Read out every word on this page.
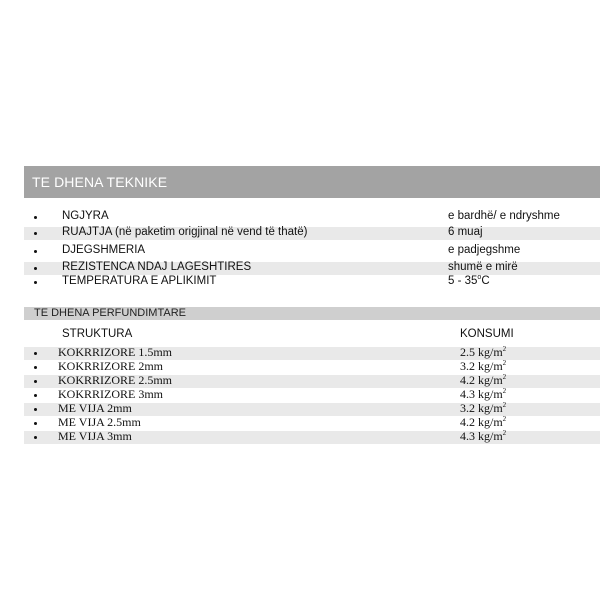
TE DHENA TEKNIKE
NGJYRA	e bardhë/ e ndryshme
RUAJTJA (në paketim origjinal në vend të thatë)	6 muaj
DJEGSHMERIA	e padjegshme
REZISTENCA NDAJ LAGESHTIRES	shumë e mirë
TEMPERATURA E APLIKIMIT	5 - 35$^o$C
TE DHENA PERFUNDIMTARE
STRUKTURA	KONSUMI
KOKRRIZORE 1.5mm	2.5 $kg/m^2$
KOKRRIZORE 2mm	3.2 $kg/m^2$
KOKRRIZORE 2.5mm	4.2 $kg/m^2$
KOKRRIZORE 3mm	4.3 $kg/m^2$
ME VIJA 2mm	3.2 $kg/m^2$
ME VIJA 2.5mm	4.2 $kg/m^2$
ME VIJA 3mm	4.3 $kg/m^2$
